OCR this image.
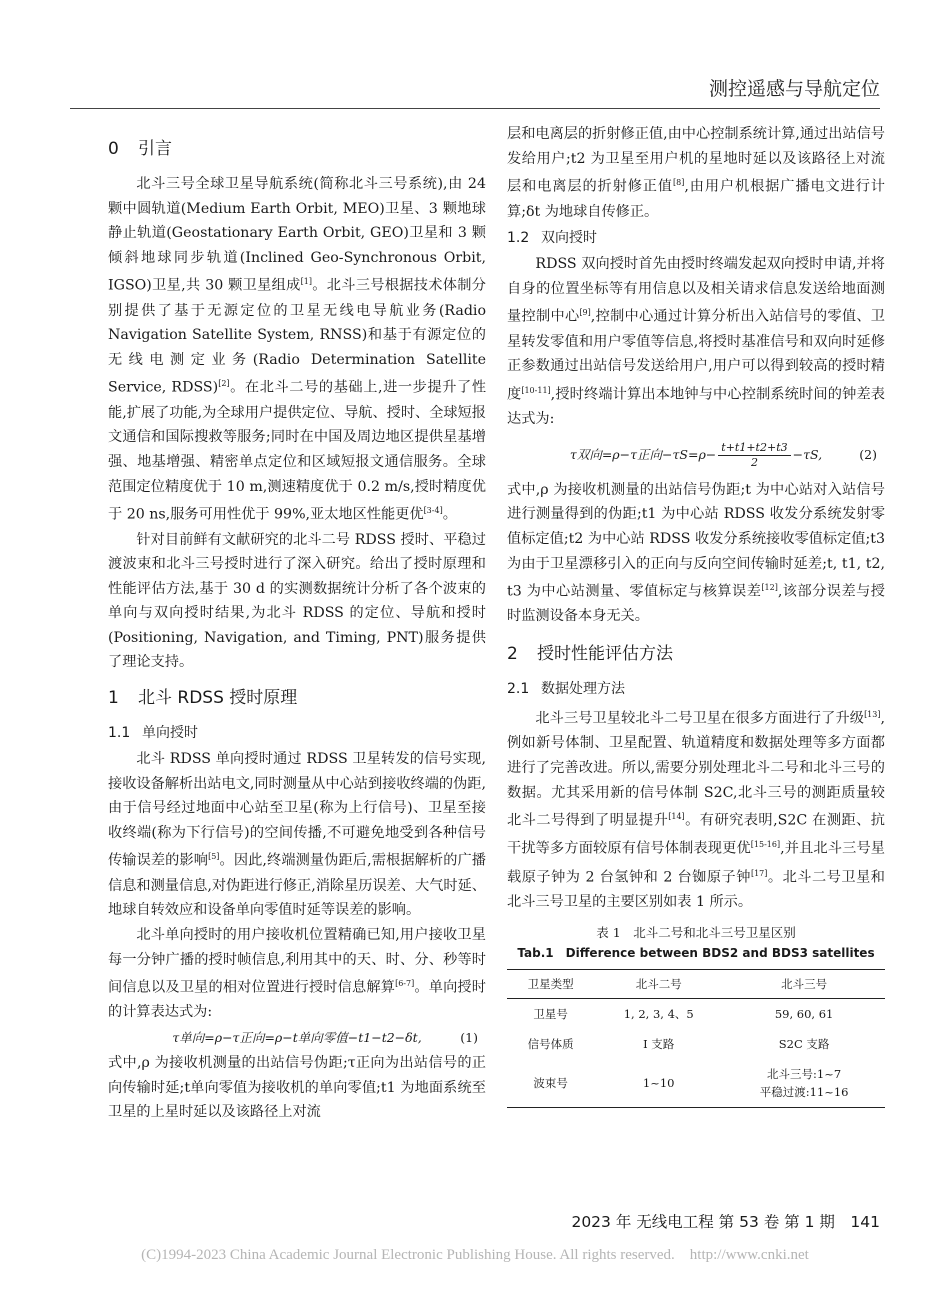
测控遥感与导航定位
0 引言

北斗三号全球卫星导航系统(简称北斗三号系统),由 24 颗中圆轨道(Medium Earth Orbit, MEO)卫星、3 颗地球静止轨道(Geostationary Earth Orbit, GEO)卫星和 3 颗倾斜地球同步轨道(Inclined Geo-Synchronous Orbit, IGSO)卫星,共 30 颗卫星组成[1]。北斗三号根据技术体制分别提供了基于无源定位的卫星无线电导航业务(Radio Navigation Satellite System, RNSS)和基于有源定位的无线电测定业务(Radio Determination Satellite Service, RDSS)[2]。在北斗二号的基础上,进一步提升了性能,扩展了功能,为全球用户提供定位、导航、授时、全球短报文通信和国际搜救等服务;同时在中国及周边地区提供星基增强、地基增强、精密单点定位和区域短报文通信服务。全球范围定位精度优于 10 m,测速精度优于 0.2 m/s,授时精度优于 20 ns,服务可用性优于 99%,亚太地区性能更优[3-4]。

针对目前鲜有文献研究的北斗二号 RDSS 授时、平稳过渡波束和北斗三号授时进行了深入研究。给出了授时原理和性能评估方法,基于 30 d 的实测数据统计分析了各个波束的单向与双向授时结果,为北斗 RDSS 的定位、导航和授时(Positioning, Navigation, and Timing, PNT)服务提供了理论支持。

1 北斗 RDSS 授时原理
1.1 单向授时

北斗 RDSS 单向授时通过 RDSS 卫星转发的信号实现,接收设备解析出站电文,同时测量从中心站到接收终端的伪距,由于信号经过地面中心站至卫星(称为上行信号)、卫星至接收终端(称为下行信号)的空间传播,不可避免地受到各种信号传输误差的影响[5]。因此,终端测量伪距后,需根据解析的广播信息和测量信息,对伪距进行修正,消除星历误差、大气时延、地球自转效应和设备单向零值时延等误差的影响。

北斗单向授时的用户接收机位置精确已知,用户接收卫星每一分钟广播的授时帧信息,利用其中的天、时、分、秒等时间信息以及卫星的相对位置进行授时信息解算[6-7]。单向授时的计算表达式为:

τ单向=ρ−τ正向=ρ−t单向零值−t1−t2−δt,	(1)

式中,ρ 为接收机测量的出站信号伪距;τ正向为出站信号的正向传输时延;t单向零值为接收机的单向零值;t1 为地面系统至卫星的上星时延以及该路径上对流

层和电离层的折射修正值,由中心控制系统计算,通过出站信号发给用户;t2 为卫星至用户机的星地时延以及该路径上对流层和电离层的折射修正值[8],由用户机根据广播电文进行计算;δt 为地球自传修正。

1.2 双向授时

RDSS 双向授时首先由授时终端发起双向授时申请,并将自身的位置坐标等有用信息以及相关请求信息发送给地面测量控制中心[9],控制中心通过计算分析出入站信号的零值、卫星转发零值和用户零值等信息,将授时基准信号和双向时延修正参数通过出站信号发送给用户,用户可以得到较高的授时精度[10-11],授时终端计算出本地钟与中心控制系统时间的钟差表达式为:

τ双向=ρ−τ正向$-\tau S=\rho- \frac{t+t1+t2+t3}{2} -\tau S$,	(2)

式中,ρ 为接收机测量的出站信号伪距;t 为中心站对入站信号进行测量得到的伪距;t1 为中心站 RDSS 收发分系统发射零值标定值;t2 为中心站 RDSS 收发分系统接收零值标定值;t3 为由于卫星漂移引入的正向与反向空间传输时延差;t, t1, t2, t3 为中心站测量、零值标定与核算误差[12],该部分误差与授时监测设备本身无关。

2 授时性能评估方法
2.1 数据处理方法

北斗三号卫星较北斗二号卫星在很多方面进行了升级[13],例如新号体制、卫星配置、轨道精度和数据处理等多方面都进行了完善改进。所以,需要分别处理北斗二号和北斗三号的数据。尤其采用新的信号体制 S2C,北斗三号的测距质量较北斗二号得到了明显提升[14]。有研究表明,S2C 在测距、抗干扰等多方面较原有信号体制表现更优[15-16],并且北斗三号星载原子钟为 2 台氢钟和 2 台铷原子钟[17]。北斗二号卫星和北斗三号卫星的主要区别如表 1 所示。

表 1　北斗二号和北斗三号卫星区别
Tab.1　Difference between BDS2 and BDS3 satellites
卫星类型	北斗二号	北斗三号
卫星号	1, 2, 3, 4、5	59, 60, 61
信号体质	I 支路	S2C 支路
波束号	1~10	北斗三号:1~7
平稳过渡:11~16
2023 年 无线电工程 第 53 卷 第 1 期　141
(C)1994-2023 China Academic Journal Electronic Publishing House. All rights reserved.　http://www.cnki.net
